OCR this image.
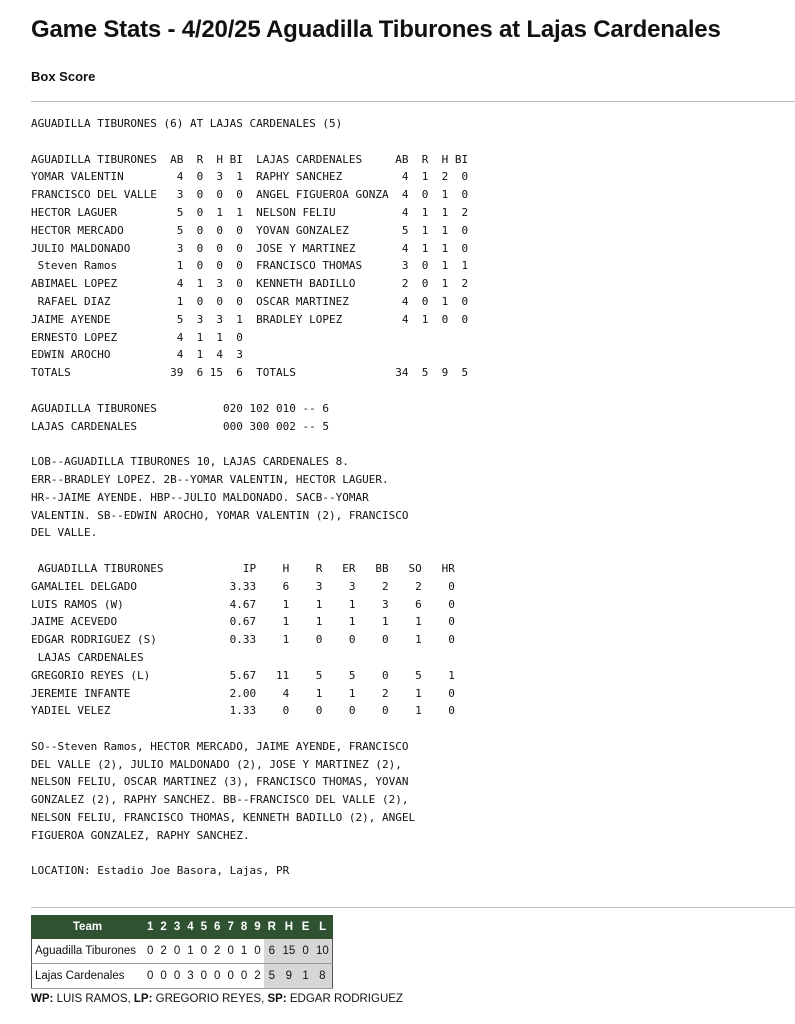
Game Stats - 4/20/25 Aguadilla Tiburones at Lajas Cardenales
Box Score
AGUADILLA TIBURONES (6) AT LAJAS CARDENALES (5)

AGUADILLA TIBURONES  AB  R  H BI  LAJAS CARDENALES     AB  R  H BI
YOMAR VALENTIN        4  0  3  1  RAPHY SANCHEZ         4  1  2  0
FRANCISCO DEL VALLE   3  0  0  0  ANGEL FIGUEROA GONZA  4  0  1  0
HECTOR LAGUER         5  0  1  1  NELSON FELIU          4  1  1  2
HECTOR MERCADO        5  0  0  0  YOVAN GONZALEZ        5  1  1  0
JULIO MALDONADO       3  0  0  0  JOSE Y MARTINEZ       4  1  1  0
Steven Ramos         1  0  0  0  FRANCISCO THOMAS      3  0  1  1
ABIMAEL LOPEZ         4  1  3  0  KENNETH BADILLO       2  0  1  2
RAFAEL DIAZ          1  0  0  0  OSCAR MARTINEZ        4  0  1  0
JAIME AYENDE          5  3  3  1  BRADLEY LOPEZ         4  1  0  0
ERNESTO LOPEZ         4  1  1  0
EDWIN AROCHO          4  1  4  3
TOTALS               39  6 15  6  TOTALS               34  5  9  5

AGUADILLA TIBURONES          020 102 010 -- 6
LAJAS CARDENALES             000 300 002 -- 5

LOB--AGUADILLA TIBURONES 10, LAJAS CARDENALES 8.
ERR--BRADLEY LOPEZ. 2B--YOMAR VALENTIN, HECTOR LAGUER.
HR--JAIME AYENDE. HBP--JULIO MALDONADO. SACB--YOMAR
VALENTIN. SB--EDWIN AROCHO, YOMAR VALENTIN (2), FRANCISCO
DEL VALLE.

AGUADILLA TIBURONES            IP    H    R   ER   BB   SO   HR
GAMALIEL DELGADO              3.33    6    3    3    2    2    0
LUIS RAMOS (W)                4.67    1    1    1    3    6    0
JAIME ACEVEDO                 0.67    1    1    1    1    1    0
EDGAR RODRIGUEZ (S)           0.33    1    0    0    0    1    0
LAJAS CARDENALES
GREGORIO REYES (L)            5.67   11    5    5    0    5    1
JEREMIE INFANTE               2.00    4    1    1    2    1    0
YADIEL VELEZ                  1.33    0    0    0    0    1    0

SO--Steven Ramos, HECTOR MERCADO, JAIME AYENDE, FRANCISCO
DEL VALLE (2), JULIO MALDONADO (2), JOSE Y MARTINEZ (2),
NELSON FELIU, OSCAR MARTINEZ (3), FRANCISCO THOMAS, YOVAN
GONZALEZ (2), RAPHY SANCHEZ. BB--FRANCISCO DEL VALLE (2),
NELSON FELIU, FRANCISCO THOMAS, KENNETH BADILLO (2), ANGEL
FIGUEROA GONZALEZ, RAPHY SANCHEZ.

LOCATION: Estadio Joe Basora, Lajas, PR
Team	1	2	3	4	5	6	7	8	9	R	H	E	L
Aguadilla Tiburones	0	2	0	1	0	2	0	1	0	6	15	0	10
Lajas Cardenales	0	0	0	3	0	0	0	0	2	5	9	1	8
WP: LUIS RAMOS, LP: GREGORIO REYES, SP: EDGAR RODRIGUEZ
